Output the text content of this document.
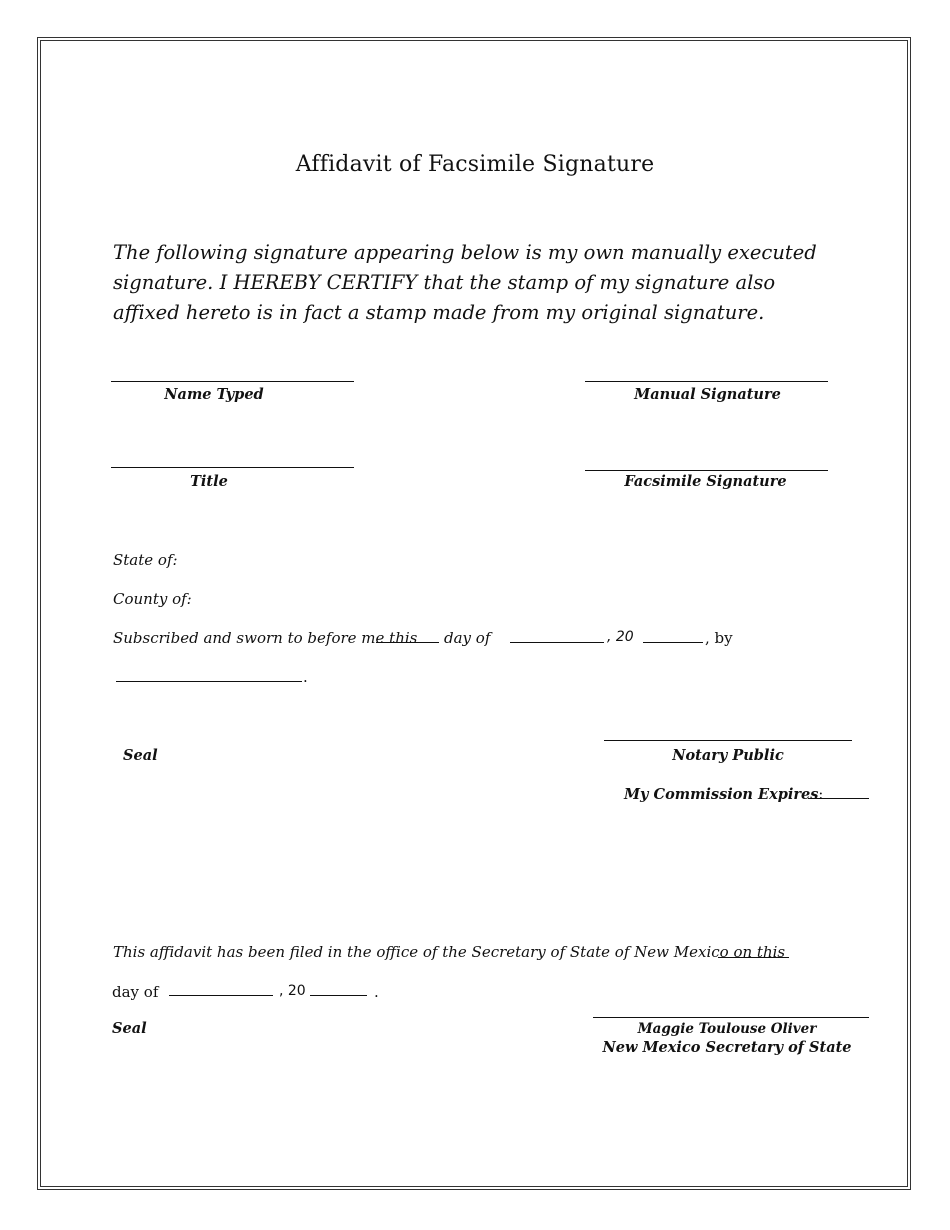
Affidavit of Facsimile Signature
The following signature appearing below is my own manually executed signature. I HEREBY CERTIFY that the stamp of my signature also affixed hereto is in fact a stamp made from my original signature.
Name Typed	Manual Signature
Title	Facsimile Signature
State of:
County of:
Subscribed and sworn to before me this day of	, 20	, by
.
Seal	Notary Public
My Commission Expires:
This affidavit has been filed in the office of the Secretary of State of New Mexico on this
day of	, 20	.
Seal	Maggie Toulouse Oliver
New Mexico Secretary of State
